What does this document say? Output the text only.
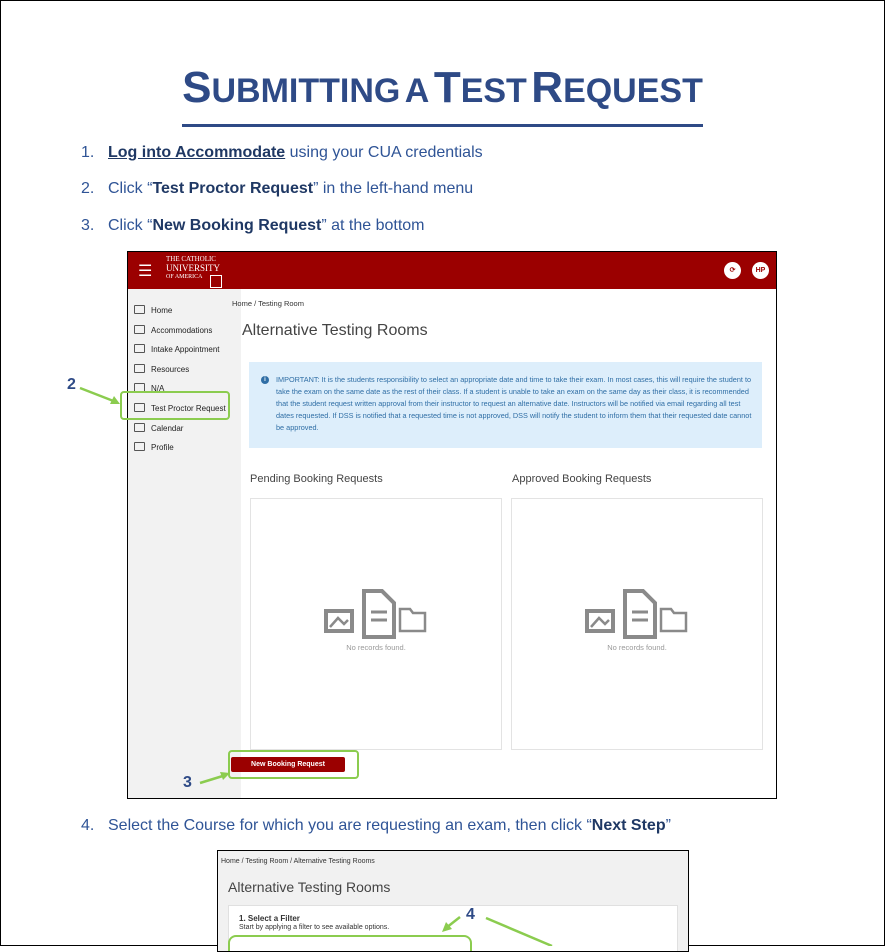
SUBMITTING A TEST REQUEST
1. Log into Accommodate using your CUA credentials
2. Click “Test Proctor Request” in the left-hand menu
3. Click “New Booking Request” at the bottom
☰
THE CATHOLIC
UNIVERSITY
OF AMERICA
⟳	HP
Home
Accommodations
Intake Appointment
Resources
N/A
Test Proctor Request
Calendar
Profile
Home / Testing Room
Alternative Testing Rooms
i	IMPORTANT: It is the students responsibility to select an appropriate date and time to take their exam. In most cases, this will require the student to take the exam on the same date as the rest of their class. If a student is unable to take an exam on the same day as their class, it is recommended that the student request written approval from their instructor to request an alternative date. Instructors will be notified via email regarding all test dates requested. If DSS is notified that a requested time is not approved, DSS will notify the student to inform them that their requested date cannot be approved.

Pending Booking Requests	Approved Booking Requests
No records found.	No records found.
New Booking Request
2
3
4. Select the Course for which you are requesting an exam, then click “Next Step”
Home / Testing Room / Alternative Testing Rooms
Alternative Testing Rooms
1. Select a Filter
Start by applying a filter to see available options.
4
